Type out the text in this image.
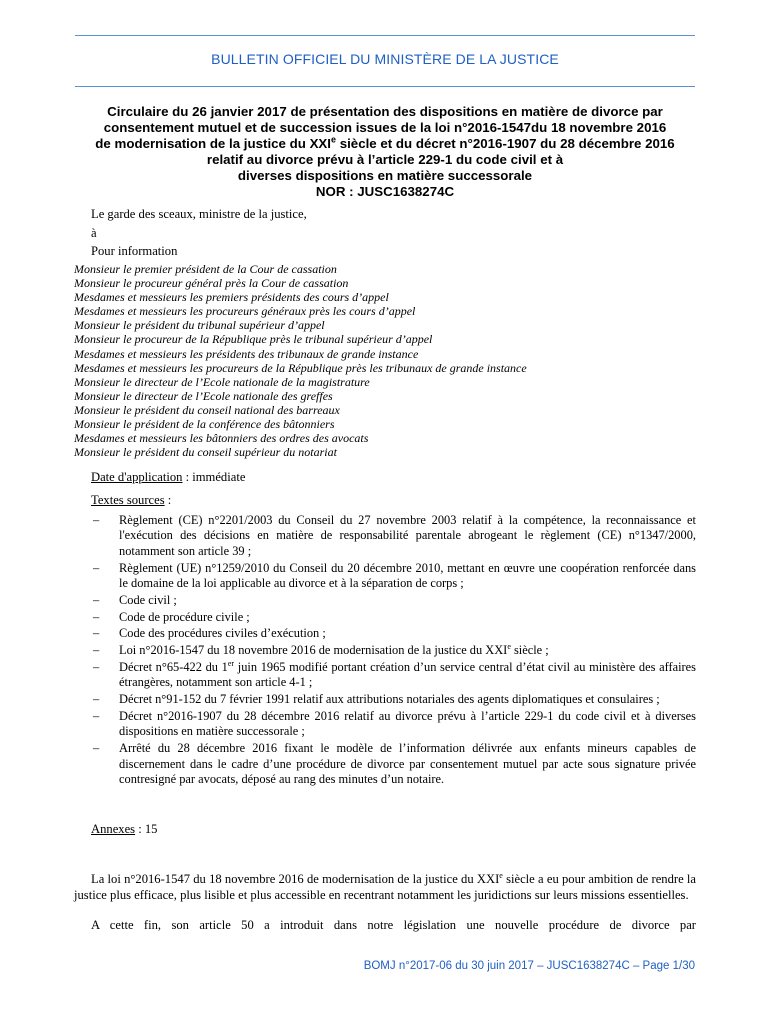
BULLETIN OFFICIEL DU MINISTÈRE DE LA JUSTICE
Circulaire du 26 janvier 2017 de présentation des dispositions en matière de divorce par
consentement mutuel et de succession issues de la loi n°2016-1547du 18 novembre 2016
de modernisation de la justice du XXIe siècle et du décret n°2016-1907 du 28 décembre 2016
relatif au divorce prévu à l’article 229-1 du code civil et à
diverses dispositions en matière successorale
NOR : JUSC1638274C
Le garde des sceaux, ministre de la justice,
à
Pour information
Monsieur le premier président de la Cour de cassation
Monsieur le procureur général près la Cour de cassation
Mesdames et messieurs les premiers présidents des cours d’appel
Mesdames et messieurs les procureurs généraux près les cours d’appel
Monsieur le président du tribunal supérieur d’appel
Monsieur le procureur de la République près le tribunal supérieur d’appel
Mesdames et messieurs les présidents des tribunaux de grande instance
Mesdames et messieurs les procureurs de la République près les tribunaux de grande instance
Monsieur le directeur de l’Ecole nationale de la magistrature
Monsieur le directeur de l’Ecole nationale des greffes
Monsieur le président du conseil national des barreaux
Monsieur le président de la conférence des bâtonniers
Mesdames et messieurs les bâtonniers des ordres des avocats
Monsieur le président du conseil supérieur du notariat
Date d'application : immédiate
Textes sources :
– Règlement (CE) n°2201/2003 du Conseil du 27 novembre 2003 relatif à la compétence, la reconnaissance et l'exécution des décisions en matière de responsabilité parentale abrogeant le règlement (CE) n°1347/2000, notamment son article 39 ;
– Règlement (UE) n°1259/2010 du Conseil du 20 décembre 2010, mettant en œuvre une coopération renforcée dans le domaine de la loi applicable au divorce et à la séparation de corps ;
– Code civil ;
– Code de procédure civile ;
– Code des procédures civiles d’exécution ;
– Loi n°2016-1547 du 18 novembre 2016 de modernisation de la justice du XXIe siècle ;
– Décret n°65-422 du 1er juin 1965 modifié portant création d’un service central d’état civil au ministère des affaires étrangères, notamment son article 4-1 ;
– Décret n°91-152 du 7 février 1991 relatif aux attributions notariales des agents diplomatiques et consulaires ;
– Décret n°2016-1907 du 28 décembre 2016 relatif au divorce prévu à l’article 229-1 du code civil et à diverses dispositions en matière successorale ;
– Arrêté du 28 décembre 2016 fixant le modèle de l’information délivrée aux enfants mineurs capables de discernement dans le cadre d’une procédure de divorce par consentement mutuel par acte sous signature privée contresigné par avocats, déposé au rang des minutes d’un notaire.
Annexes : 15
La loi n°2016-1547 du 18 novembre 2016 de modernisation de la justice du XXIe siècle a eu pour ambition de rendre la justice plus efficace, plus lisible et plus accessible en recentrant notamment les juridictions sur leurs missions essentielles.
A cette fin, son article 50 a introduit dans notre législation une nouvelle procédure de divorce par
BOMJ n°2017-06 du 30 juin 2017 – JUSC1638274C – Page 1/30
